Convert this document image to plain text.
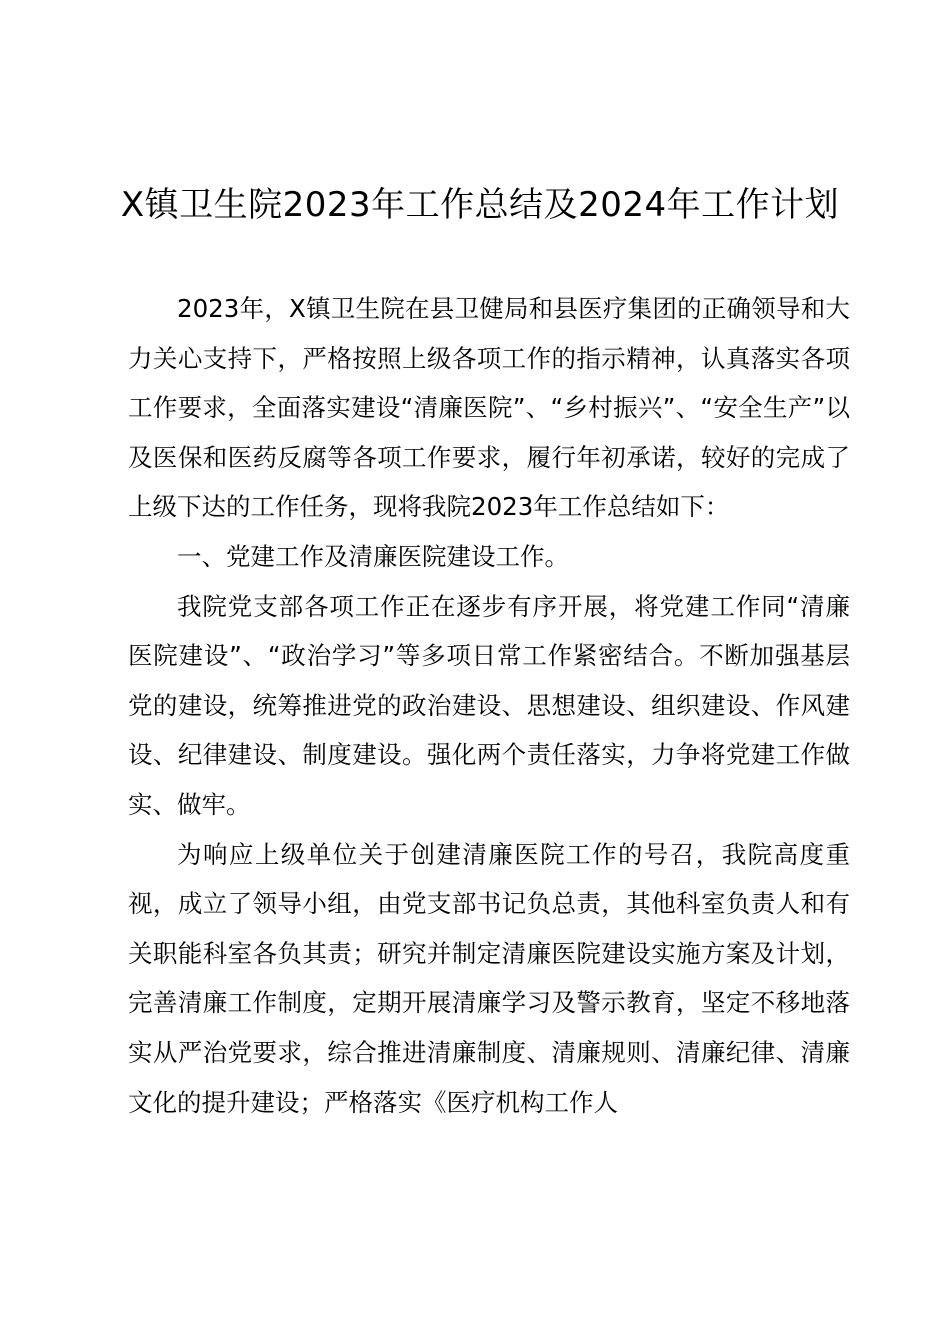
X镇卫生院2023年工作总结及2024年工作计划

2023年，X镇卫生院在县卫健局和县医疗集团的正确领导和大力关心支持下，严格按照上级各项工作的指示精神，认真落实各项工作要求，全面落实建设“清廉医院”、“乡村振兴”、“安全生产”以及医保和医药反腐等各项工作要求，履行年初承诺，较好的完成了上级下达的工作任务，现将我院2023年工作总结如下：

一、党建工作及清廉医院建设工作。

我院党支部各项工作正在逐步有序开展，将党建工作同“清廉医院建设”、“政治学习”等多项日常工作紧密结合。不断加强基层党的建设，统筹推进党的政治建设、思想建设、组织建设、作风建设、纪律建设、制度建设。强化两个责任落实，力争将党建工作做实、做牢。

为响应上级单位关于创建清廉医院工作的号召，我院高度重视，成立了领导小组，由党支部书记负总责，其他科室负责人和有关职能科室各负其责；研究并制定清廉医院建设实施方案及计划，完善清廉工作制度，定期开展清廉学习及警示教育，坚定不移地落实从严治党要求，综合推进清廉制度、清廉规则、清廉纪律、清廉文化的提升建设；严格落实《医疗机构工作人
